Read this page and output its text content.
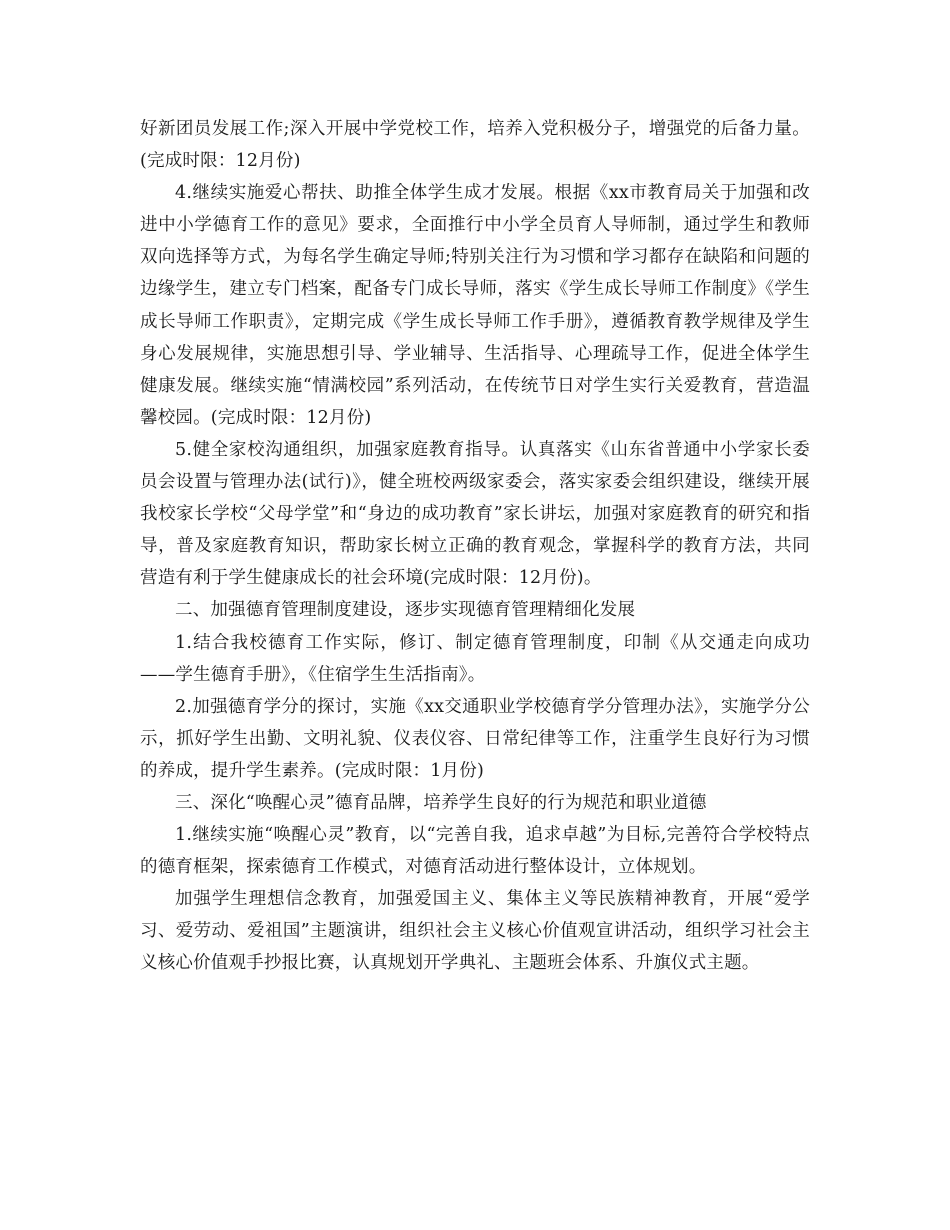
好新团员发展工作;深入开展中学党校工作，培养入党积极分子，增强党的后备力量。(完成时限：12月份)

4.继续实施爱心帮扶、助推全体学生成才发展。根据《xx市教育局关于加强和改进中小学德育工作的意见》要求，全面推行中小学全员育人导师制，通过学生和教师双向选择等方式，为每名学生确定导师;特别关注行为习惯和学习都存在缺陷和问题的边缘学生，建立专门档案，配备专门成长导师，落实《学生成长导师工作制度》《学生成长导师工作职责》，定期完成《学生成长导师工作手册》，遵循教育教学规律及学生身心发展规律，实施思想引导、学业辅导、生活指导、心理疏导工作，促进全体学生健康发展。继续实施“情满校园”系列活动，在传统节日对学生实行关爱教育，营造温馨校园。(完成时限：12月份)

5.健全家校沟通组织，加强家庭教育指导。认真落实《山东省普通中小学家长委员会设置与管理办法(试行)》，健全班校两级家委会，落实家委会组织建设，继续开展我校家长学校“父母学堂”和“身边的成功教育”家长讲坛，加强对家庭教育的研究和指导，普及家庭教育知识，帮助家长树立正确的教育观念，掌握科学的教育方法，共同营造有利于学生健康成长的社会环境(完成时限：12月份)。

二、加强德育管理制度建设，逐步实现德育管理精细化发展

1.结合我校德育工作实际，修订、制定德育管理制度，印制《从交通走向成功——学生德育手册》，《住宿学生生活指南》。

2.加强德育学分的探讨，实施《xx交通职业学校德育学分管理办法》，实施学分公示，抓好学生出勤、文明礼貌、仪表仪容、日常纪律等工作，注重学生良好行为习惯的养成，提升学生素养。(完成时限：1月份)

三、深化“唤醒心灵”德育品牌，培养学生良好的行为规范和职业道德

1.继续实施“唤醒心灵”教育，以“完善自我，追求卓越”为目标,完善符合学校特点的德育框架，探索德育工作模式，对德育活动进行整体设计，立体规划。

加强学生理想信念教育，加强爱国主义、集体主义等民族精神教育，开展“爱学习、爱劳动、爱祖国”主题演讲，组织社会主义核心价值观宣讲活动，组织学习社会主义核心价值观手抄报比赛，认真规划开学典礼、主题班会体系、升旗仪式主题。
